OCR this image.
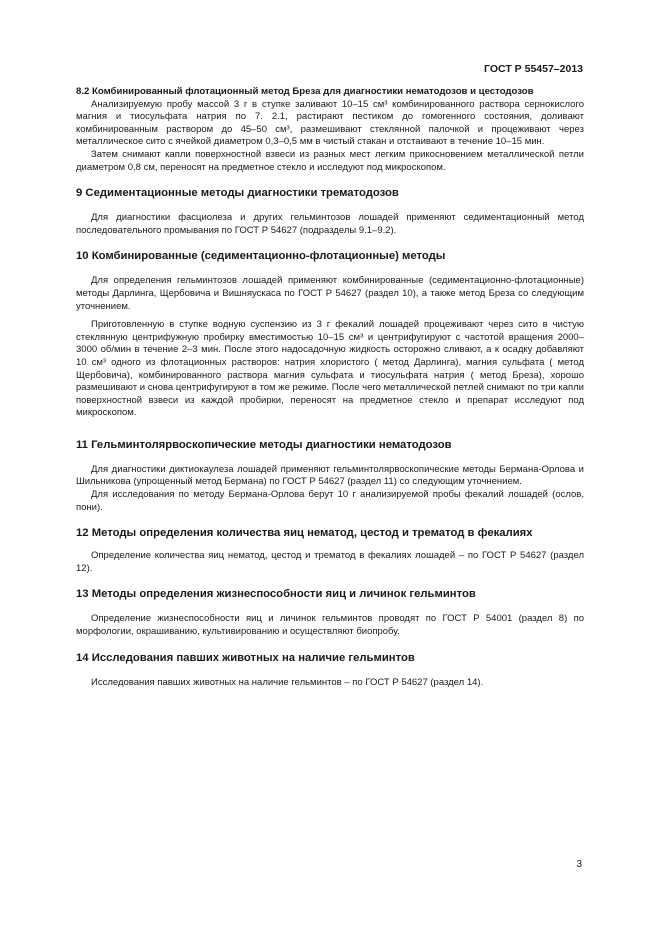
ГОСТ Р 55457–2013

8.2 Комбинированный флотационный метод Бреза для диагностики нематодозов и цестодозов

Анализируемую пробу массой 3 г в ступке заливают 10–15 см³ комбинированного раствора сернокислого магния и тиосульфата натрия по 7. 2.1, растирают пестиком до гомогенного состояния, доливают комбинированным раствором до 45–50 см³, размешивают стеклянной палочкой и процеживают через металлическое сито с ячейкой диаметром 0,3–0,5 мм в чистый стакан и отстаивают в течение 10–15 мин.

Затем снимают капли поверхностной взвеси из разных мест легким прикосновением металлической петли диаметром 0,8 см, переносят на предметное стекло и исследуют под микроскопом.

9 Седиментационные методы диагностики трематодозов

Для диагностики фасциолеза и других гельминтозов лошадей применяют седиментационный метод последовательного промывания по ГОСТ Р 54627 (подразделы 9.1–9.2).

10 Комбинированные (седиментационно-флотационные) методы

Для определения гельминтозов лошадей применяют комбинированные (седиментационно-флотационные) методы Дарлинга, Щербовича и Вишняускаса по ГОСТ Р 54627 (раздел 10), а также метод Бреза со следующим уточнением.

Приготовленную в ступке водную суспензию из 3 г фекалий лошадей процеживают через сито в чистую стеклянную центрифужную пробирку вместимостью 10–15 см³ и центрифугируют с частотой вращения 2000– 3000 об/мин в течение 2–3 мин. После этого надосадочную жидкость осторожно сливают, а к осадку добавляют 10 см³ одного из флотационных растворов: натрия хлористого ( метод Дарлинга), магния сульфата ( метод Щербовича), комбинированного раствора магния сульфата и тиосульфата натрия ( метод Бреза), хорошо размешивают и снова центрифугируют в том же режиме. После чего металлической петлей снимают по три капли поверхностной взвеси из каждой пробирки, переносят на предметное стекло и препарат исследуют под микроскопом.

11 Гельминтолярвоскопические методы диагностики нематодозов

Для диагностики диктиокаулеза лошадей применяют гельминтолярвоскопические методы Бермана-Орлова и Шильникова (упрощенный метод Бермана) по ГОСТ Р 54627 (раздел 11) со следующим уточнением.

Для исследования по методу Бермана-Орлова берут 10 г анализируемой пробы фекалий лошадей (ослов, пони).

12 Методы определения количества яиц нематод, цестод и трематод в фекалиях

Определение количества яиц нематод, цестод и трематод в фекалиях лошадей – по ГОСТ Р 54627 (раздел 12).

13 Методы определения жизнеспособности яиц и личинок гельминтов

Определение жизнеспособности яиц и личинок гельминтов проводят по ГОСТ Р 54001 (раздел 8) по морфологии, окрашиванию, культивированию и осуществляют биопробу.

14 Исследования павших животных на наличие гельминтов

Исследования павших животных на наличие гельминтов – по ГОСТ Р 54627 (раздел 14).

3
